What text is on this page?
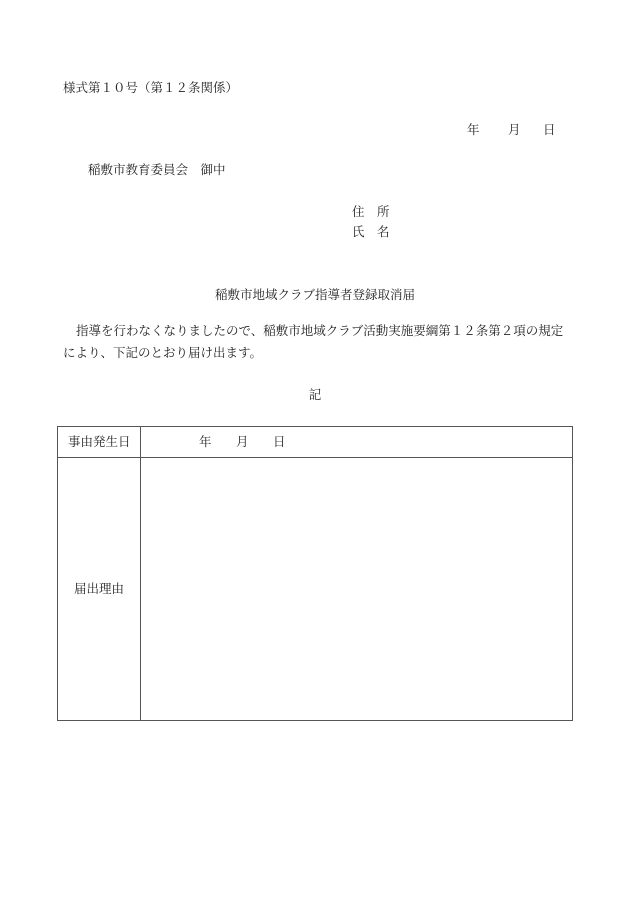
様式第１０号（第１２条関係）
年 月 日
稲敷市教育委員会　御中
住　所
氏　名
稲敷市地域クラブ指導者登録取消届
指導を行わなくなりましたので、稲敷市地域クラブ活動実施要綱第１２条第２項の規定
により、下記のとおり届け出ます。
記
事由発生日	年 月 日
届出理由
